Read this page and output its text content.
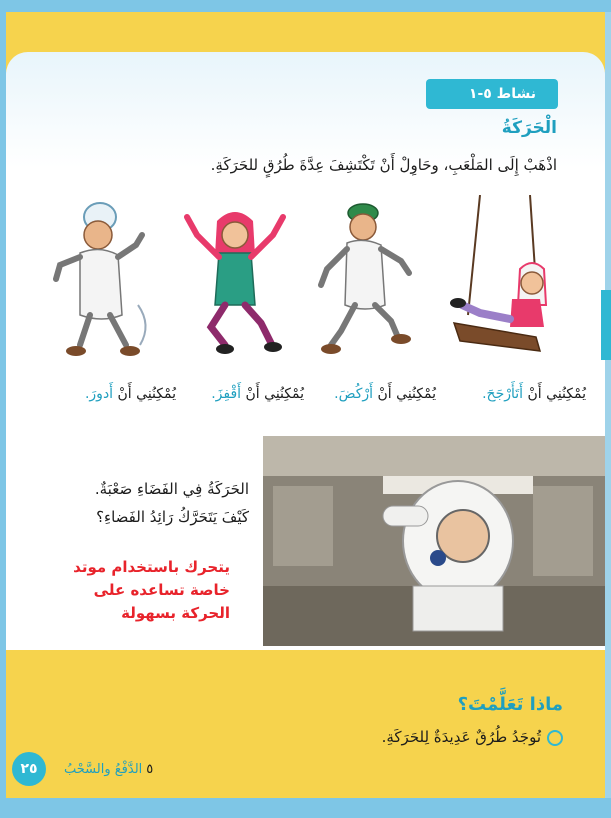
نشاط ٥-١
الْحَرَكَةُ
اذْهَبْ إِلَى المَلْعَبِ، وحَاوِلْ أَنْ تَكْتَشِفَ عِدَّةَ طُرُقٍ للحَرَكَةِ.
يُمْكِنُنِي أَنْ أَتَأَرْجَحَ.
يُمْكِنُنِي أَنْ أَرْكُضَ.
يُمْكِنُنِي أَنْ أَقْفِزَ.
يُمْكِنُنِي أَنْ أَدورَ.
الحَرَكَةُ فِي الفَضَاءِ صَعْبَةٌ.
كَيْفَ يَتَحَرَّكُ رَائِدُ الفَضاءِ؟
يتحرك باستخدام موتد خاصة تساعده على الحركة بسهولة
ماذا تَعَلَّمْتَ؟
تُوجَدُ طُرُقٌ عَدِيدَةٌ لِلحَرَكَةِ.
٢٥	٥الدَّفْعُ والسَّحْبُ
